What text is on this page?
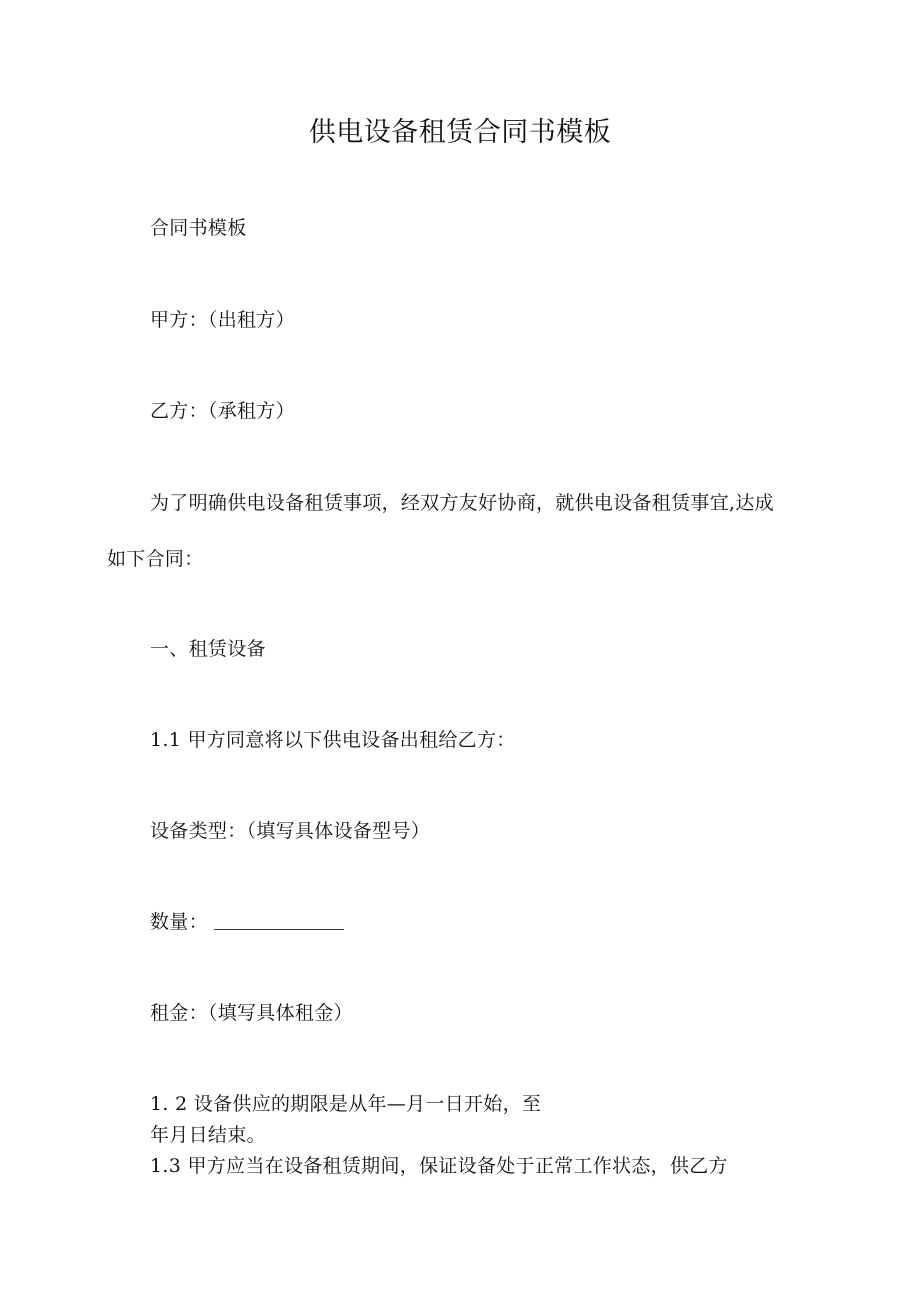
供电设备租赁合同书模板
合同书模板
甲方：（出租方）
乙方：（承租方）
为了明确供电设备租赁事项，经双方友好协商，就供电设备租赁事宜,达成
如下合同：
一、租赁设备
1.1 甲方同意将以下供电设备出租给乙方：
设备类型：（填写具体设备型号）
数量：
租金：（填写具体租金）
1. 2 设备供应的期限是从年—月一日开始，至
年月日结束。
1.3 甲方应当在设备租赁期间，保证设备处于正常工作状态，供乙方
